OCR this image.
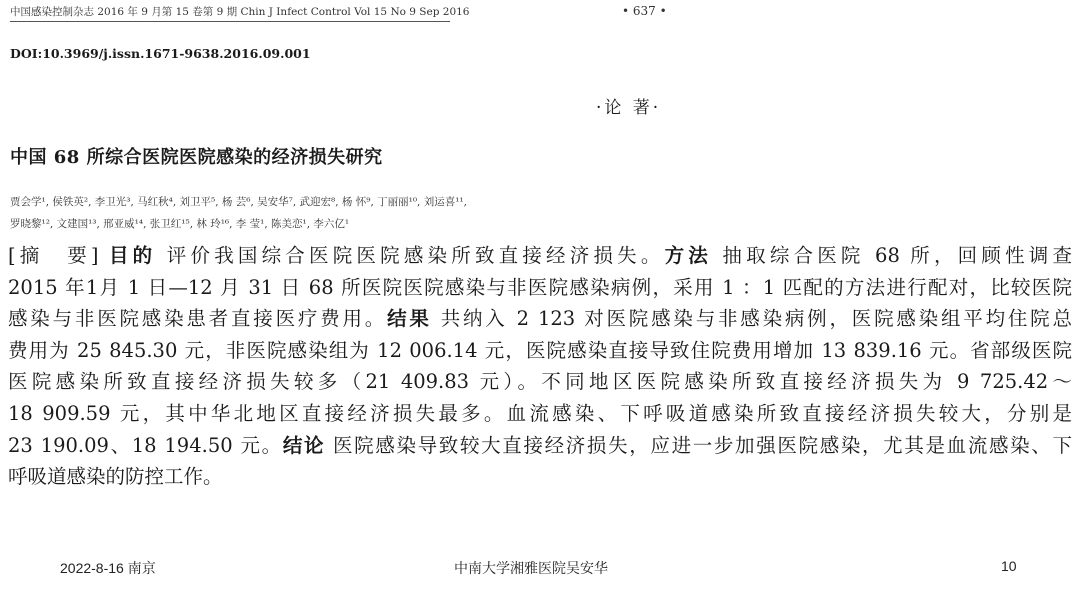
中国感染控制杂志 2016 年 9 月第 15 卷第 9 期 Chin J Infect Control Vol 15 No 9 Sep 2016	• 637 •
DOI:10.3969/j.issn.1671-9638.2016.09.001
·论 著·
中国 68 所综合医院医院感染的经济损失研究
贾会学¹, 侯铁英², 李卫光³, 马红秋⁴, 刘卫平⁵, 杨 芸⁶, 吴安华⁷, 武迎宏⁸, 杨 怀⁹, 丁丽丽¹⁰, 刘运喜¹¹,
罗晓黎¹², 文建国¹³, 邢亚威¹⁴, 张卫红¹⁵, 林 玲¹⁶, 李 莹¹, 陈美恋¹, 李六亿¹
[摘　要] 目的 评价我国综合医院医院感染所致直接经济损失。方法 抽取综合医院 68 所，回顾性调查
2015 年1月 1 日—12 月 31 日 68 所医院医院感染与非医院感染病例，采用 1 ：1 匹配的方法进行配对，比较医院
感染与非医院感染患者直接医疗费用。结果 共纳入 2 123 对医院感染与非感染病例，医院感染组平均住院总
费用为 25 845.30 元，非医院感染组为 12 006.14 元，医院感染直接导致住院费用增加 13 839.16 元。省部级医院
医院感染所致直接经济损失较多（21 409.83 元）。不同地区医院感染所致直接经济损失为 9 725.42～
18 909.59 元，其中华北地区直接经济损失最多。血流感染、下呼吸道感染所致直接经济损失较大，分别是
23 190.09、18 194.50 元。结论 医院感染导致较大直接经济损失，应进一步加强医院感染，尤其是血流感染、下
呼吸道感染的防控工作。
2022-8-16 南京	中南大学湘雅医院吴安华	10
